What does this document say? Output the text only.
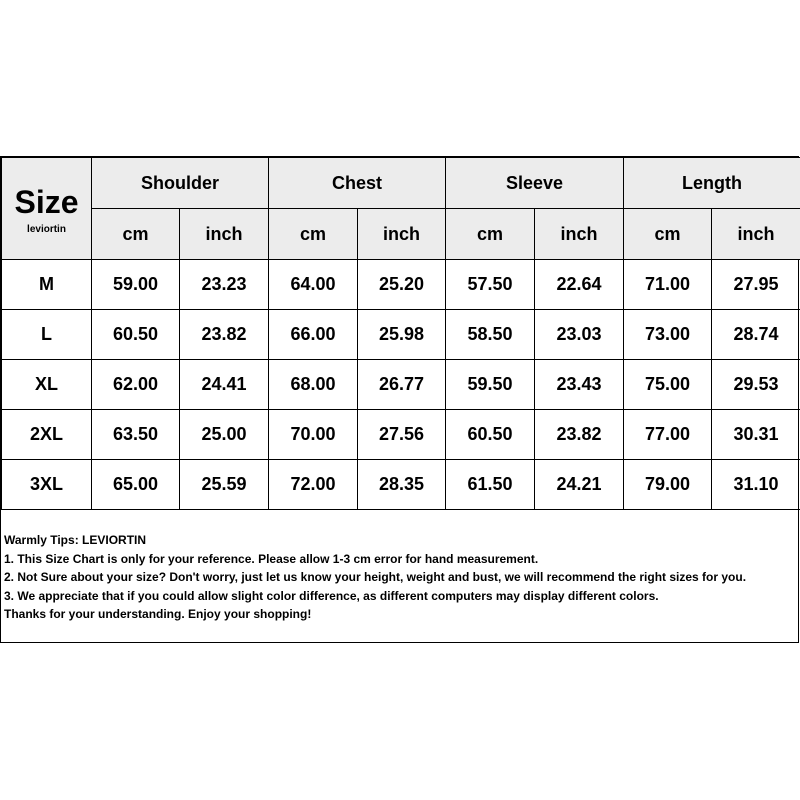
Size
leviortin	Shoulder		Chest		Sleeve		Length	
	cm	inch	cm	inch	cm	inch	cm	inch
M	59.00	23.23	64.00	25.20	57.50	22.64	71.00	27.95
L	60.50	23.82	66.00	25.98	58.50	23.03	73.00	28.74
XL	62.00	24.41	68.00	26.77	59.50	23.43	75.00	29.53
2XL	63.50	25.00	70.00	27.56	60.50	23.82	77.00	30.31
3XL	65.00	25.59	72.00	28.35	61.50	24.21	79.00	31.10
Warmly Tips: LEVIORTIN
1. This Size Chart is only for your reference. Please allow 1-3 cm error for hand measurement.
2. Not Sure about your size? Don't worry, just let us know your height, weight and bust, we will recommend the right sizes for you.
3. We appreciate that if you could allow slight color difference, as different computers may display different colors.
Thanks for your understanding. Enjoy your shopping!
